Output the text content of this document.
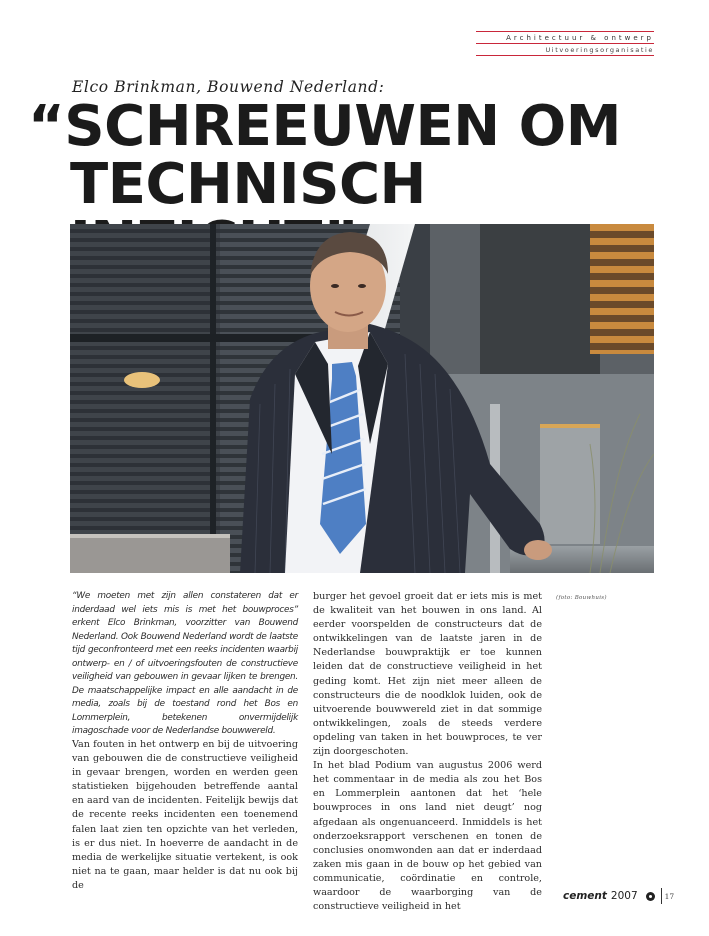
Architectuur & ontwerp
Uitvoeringsorganisatie
Elco Brinkman, Bouwend Nederland:
“SCHREEUWEN OM
TECHNISCH
(foto: Bouwhuis)
“We moeten met zijn allen constateren dat er inderdaad wel iets mis is met het bouwproces” erkent Elco Brinkman, voorzitter van Bouwend Nederland. Ook Bouwend Nederland wordt de laatste tijd geconfronteerd met een reeks incidenten waarbij ontwerp- en / of uitvoeringsfouten de constructieve veiligheid van gebouwen in gevaar lijken te brengen. De maatschappelijke impact en alle aandacht in de media, zoals bij de toestand rond het Bos en Lommerplein, betekenen onvermijdelijk imagoschade voor de Nederlandse bouwwereld.
Van fouten in het ontwerp en bij de uitvoering van gebouwen die de constructieve veiligheid in gevaar brengen, worden en werden geen statistieken bijgehouden betreffende aantal en aard van de incidenten. Feitelijk bewijs dat de recente reeks incidenten een toenemend falen laat zien ten opzichte van het verleden, is er dus niet. In hoeverre de aandacht in de media de werkelijke situatie vertekent, is ook niet na te gaan, maar helder is dat nu ook bij de

burger het gevoel groeit dat er iets mis is met de kwaliteit van het bouwen in ons land. Al eerder voorspelden de constructeurs dat de ontwikkelingen van de laatste jaren in de Nederlandse bouwpraktijk er toe kunnen leiden dat de constructieve veiligheid in het geding komt. Het zijn niet meer alleen de constructeurs die de noodklok luiden, ook de uitvoerende bouwwereld ziet in dat sommige ontwikkelingen, zoals de steeds verdere opdeling van taken in het bouwproces, te ver zijn doorgeschoten.

In het blad Podium van augustus 2006 werd het commentaar in de media als zou het Bos en Lommerplein aantonen dat het ‘hele bouwproces in ons land niet deugt’ nog afgedaan als ongenuanceerd. Inmiddels is het onderzoeksrapport verschenen en tonen de conclusies onomwonden aan dat er inderdaad zaken mis gaan in de bouw op het gebied van communicatie, coördinatie en controle, waardoor de waarborging van de constructieve veiligheid in het

cement 2007	17
